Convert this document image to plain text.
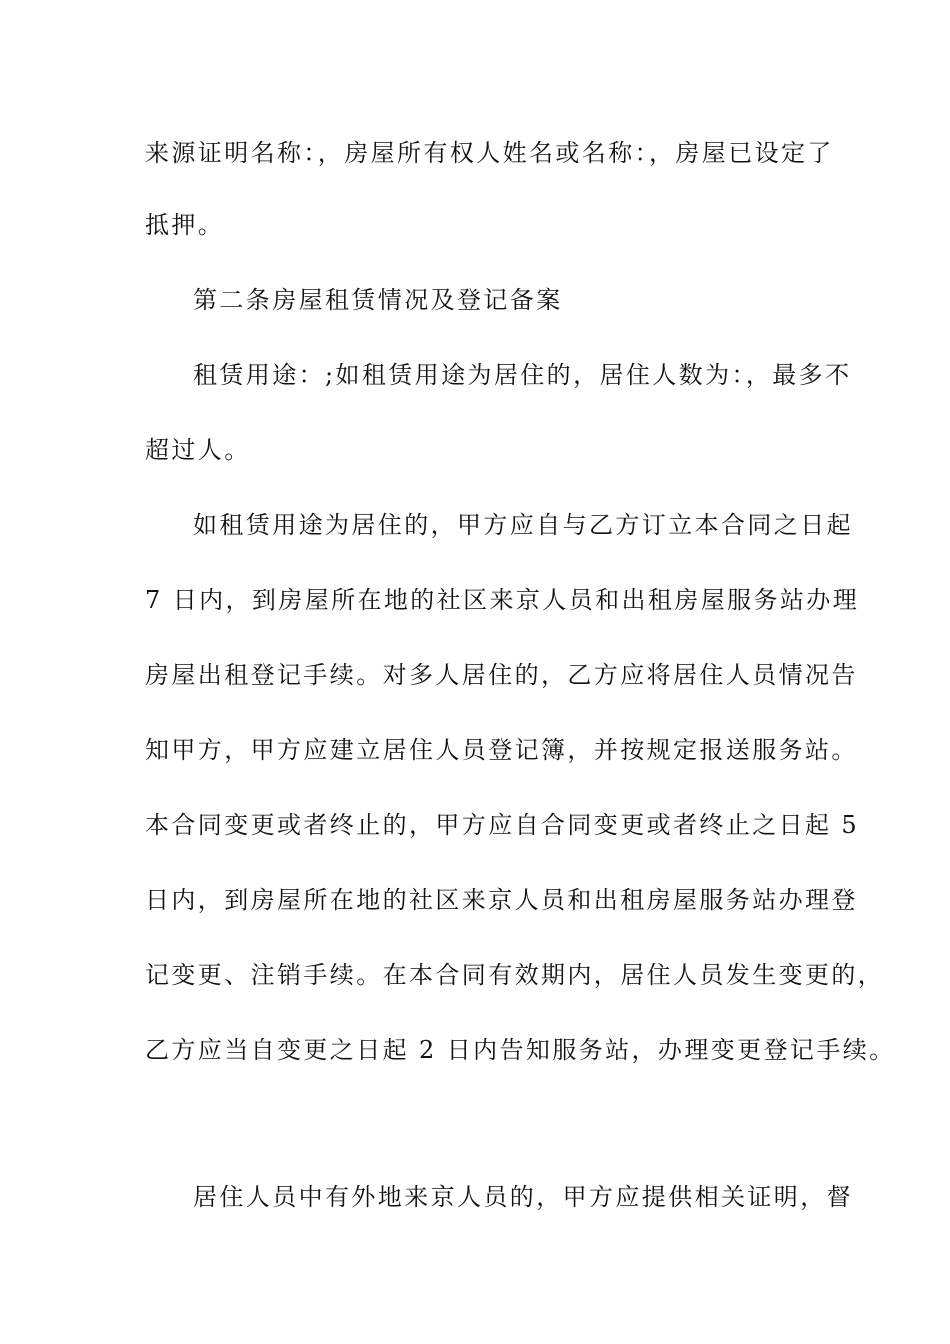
来源证明名称：，房屋所有权人姓名或名称：，房屋已设定了
抵押。
第二条房屋租赁情况及登记备案
租赁用途：;如租赁用途为居住的，居住人数为：，最多不
超过人。
如租赁用途为居住的，甲方应自与乙方订立本合同之日起
7 日内，到房屋所在地的社区来京人员和出租房屋服务站办理
房屋出租登记手续。对多人居住的，乙方应将居住人员情况告
知甲方，甲方应建立居住人员登记簿，并按规定报送服务站。
本合同变更或者终止的，甲方应自合同变更或者终止之日起 5
日内，到房屋所在地的社区来京人员和出租房屋服务站办理登
记变更、注销手续。在本合同有效期内，居住人员发生变更的，
乙方应当自变更之日起 2 日内告知服务站，办理变更登记手续。
居住人员中有外地来京人员的，甲方应提供相关证明，督
